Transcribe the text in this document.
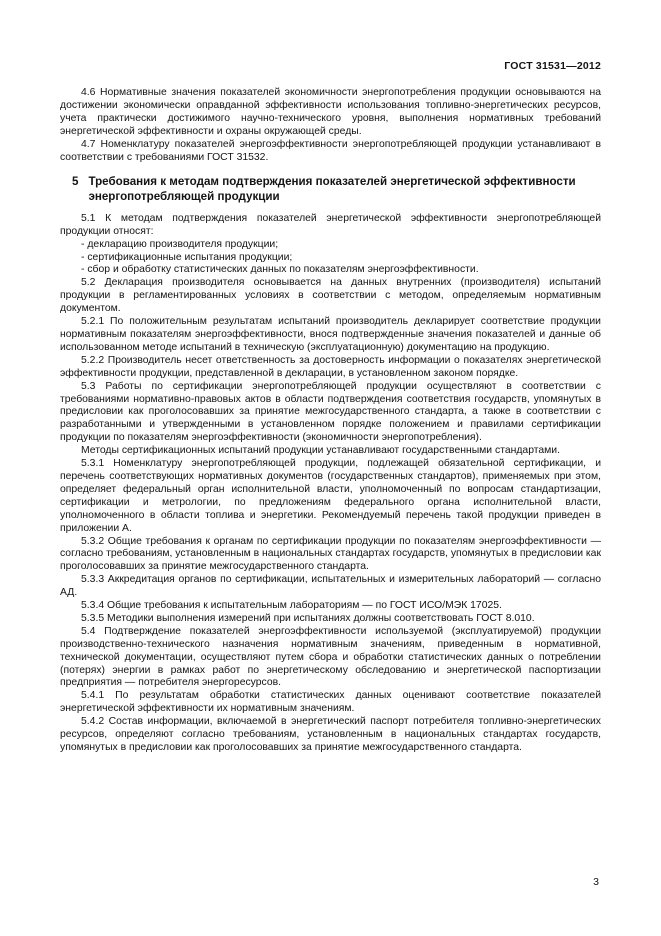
ГОСТ 31531—2012

4.6 Нормативные значения показателей экономичности энергопотребления продукции основываются на достижении экономически оправданной эффективности использования топливно-энергетических ресурсов, учета практически достижимого научно-технического уровня, выполнения нормативных требований энергетической эффективности и охраны окружающей среды.

4.7 Номенклатуру показателей энергоэффективности энергопотребляющей продукции устанавливают в соответствии с требованиями ГОСТ 31532.

5 Требования к методам подтверждения показателей энергетической эффективности энергопотребляющей продукции

5.1 К методам подтверждения показателей энергетической эффективности энергопотребляющей продукции относят:

- декларацию производителя продукции;

- сертификационные испытания продукции;

- сбор и обработку статистических данных по показателям энергоэффективности.

5.2 Декларация производителя основывается на данных внутренних (производителя) испытаний продукции в регламентированных условиях в соответствии с методом, определяемым нормативным документом.

5.2.1 По положительным результатам испытаний производитель декларирует соответствие продукции нормативным показателям энергоэффективности, внося подтвержденные значения показателей и данные об использованном методе испытаний в техническую (эксплуатационную) документацию на продукцию.

5.2.2 Производитель несет ответственность за достоверность информации о показателях энергетической эффективности продукции, представленной в декларации, в установленном законом порядке.

5.3 Работы по сертификации энергопотребляющей продукции осуществляют в соответствии с требованиями нормативно-правовых актов в области подтверждения соответствия государств, упомянутых в предисловии как проголосовавших за принятие межгосударственного стандарта, а также в соответствии с разработанными и утвержденными в установленном порядке положением и правилами сертификации продукции по показателям энергоэффективности (экономичности энергопотребления).

Методы сертификационных испытаний продукции устанавливают государственными стандартами.

5.3.1 Номенклатуру энергопотребляющей продукции, подлежащей обязательной сертификации, и перечень соответствующих нормативных документов (государственных стандартов), применяемых при этом, определяет федеральный орган исполнительной власти, уполномоченный по вопросам стандартизации, сертификации и метрологии, по предложениям федерального органа исполнительной власти, уполномоченного в области топлива и энергетики. Рекомендуемый перечень такой продукции приведен в приложении А.

5.3.2 Общие требования к органам по сертификации продукции по показателям энергоэффективности — согласно требованиям, установленным в национальных стандартах государств, упомянутых в предисловии как проголосовавших за принятие межгосударственного стандарта.

5.3.3 Аккредитация органов по сертификации, испытательных и измерительных лабораторий — согласно АД.

5.3.4 Общие требования к испытательным лабораториям — по ГОСТ ИСО/МЭК 17025.

5.3.5 Методики выполнения измерений при испытаниях должны соответствовать ГОСТ 8.010.

5.4 Подтверждение показателей энергоэффективности используемой (эксплуатируемой) продукции производственно-технического назначения нормативным значениям, приведенным в нормативной, технической документации, осуществляют путем сбора и обработки статистических данных о потреблении (потерях) энергии в рамках работ по энергетическому обследованию и энергетической паспортизации предприятия — потребителя энергоресурсов.

5.4.1 По результатам обработки статистических данных оценивают соответствие показателей энергетической эффективности их нормативным значениям.

5.4.2 Состав информации, включаемой в энергетический паспорт потребителя топливно-энергетических ресурсов, определяют согласно требованиям, установленным в национальных стандартах государств, упомянутых в предисловии как проголосовавших за принятие межгосударственного стандарта.

3
